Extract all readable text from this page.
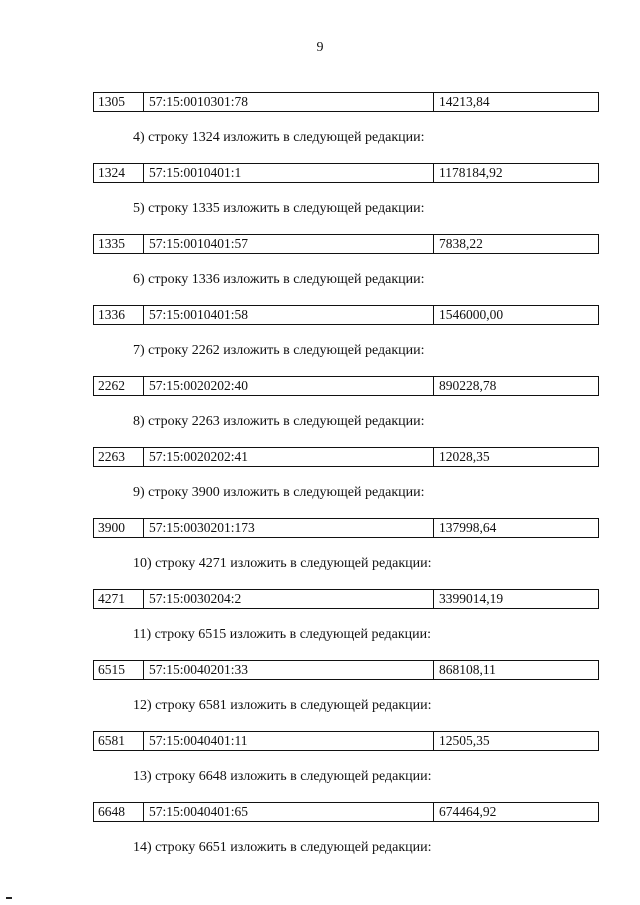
9
1305	57:15:0010301:78	14213,84
4) строку 1324 изложить в следующей редакции:
1324	57:15:0010401:1	1178184,92
5) строку 1335 изложить в следующей редакции:
1335	57:15:0010401:57	7838,22
6) строку 1336 изложить в следующей редакции:
1336	57:15:0010401:58	1546000,00
7) строку 2262 изложить в следующей редакции:
2262	57:15:0020202:40	890228,78
8) строку 2263 изложить в следующей редакции:
2263	57:15:0020202:41	12028,35
9) строку 3900 изложить в следующей редакции:
3900	57:15:0030201:173	137998,64
10) строку 4271 изложить в следующей редакции:
4271	57:15:0030204:2	3399014,19
11) строку 6515 изложить в следующей редакции:
6515	57:15:0040201:33	868108,11
12) строку 6581 изложить в следующей редакции:
6581	57:15:0040401:11	12505,35
13) строку 6648 изложить в следующей редакции:
6648	57:15:0040401:65	674464,92
14) строку 6651 изложить в следующей редакции:
